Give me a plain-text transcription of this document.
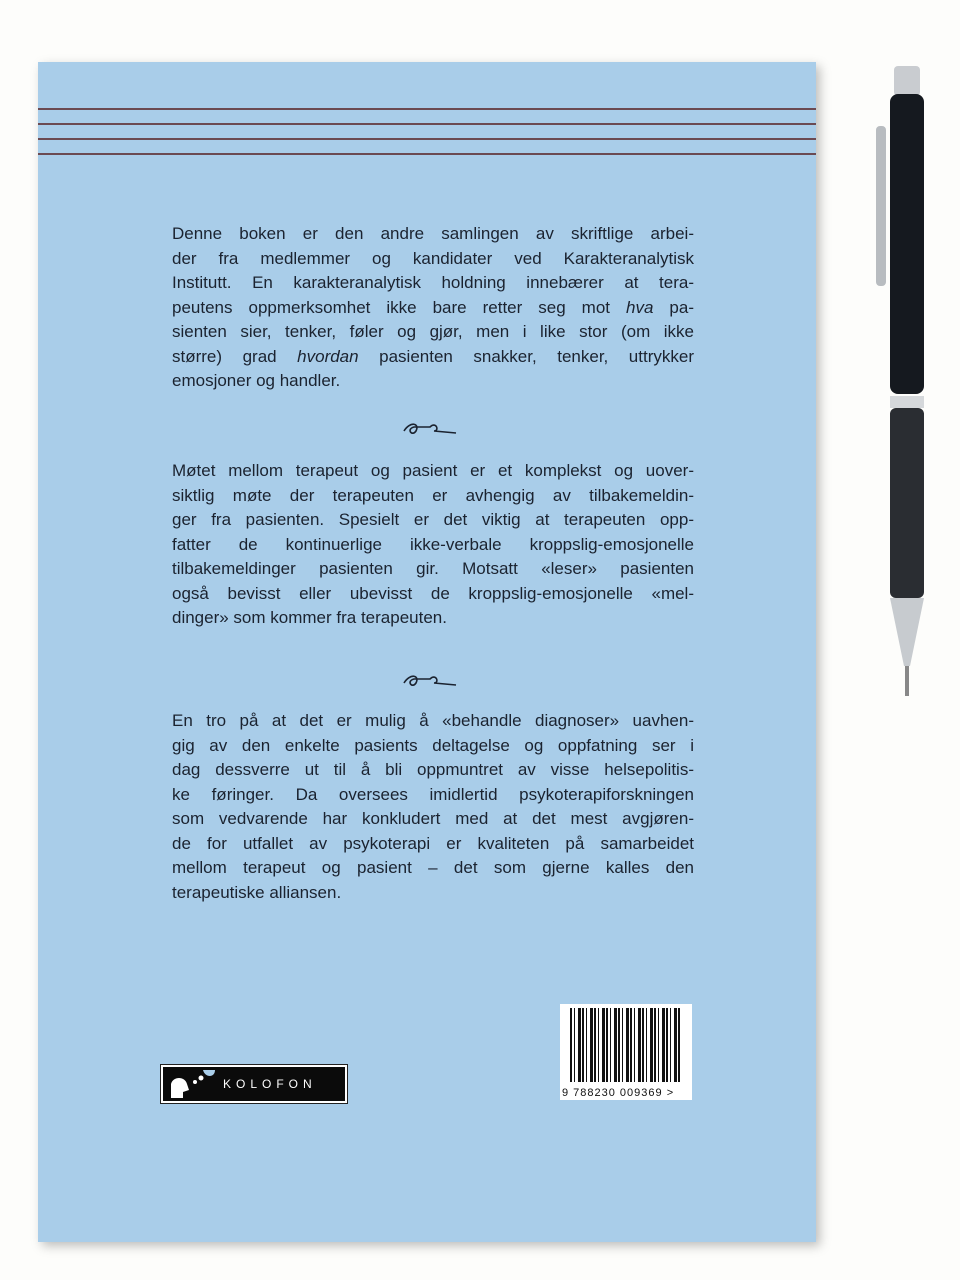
Denne boken er den andre samlingen av skriftlige arbei-
der fra medlemmer og kandidater ved Karakteranalytisk
Institutt. En karakteranalytisk holdning innebærer at tera-
peutens oppmerksomhet ikke bare retter seg mot hva pa-
sienten sier, tenker, føler og gjør, men i like stor (om ikke
større) grad hvordan pasienten snakker, tenker, uttrykker
emosjoner og handler.
Møtet mellom terapeut og pasient er et komplekst og uover-
siktlig møte der terapeuten er avhengig av tilbakemeldin-
ger fra pasienten. Spesielt er det viktig at terapeuten opp-
fatter de kontinuerlige ikke-verbale kroppslig-emosjonelle
tilbakemeldinger pasienten gir. Motsatt «leser» pasienten
også bevisst eller ubevisst de kroppslig-emosjonelle «mel-
dinger» som kommer fra terapeuten.
En tro på at det er mulig å «behandle diagnoser» uavhen-
gig av den enkelte pasients deltagelse og oppfatning ser i
dag dessverre ut til å bli oppmuntret av visse helsepolitis-
ke føringer. Da oversees imidlertid psykoterapiforskningen
som vedvarende har konkludert med at det mest avgjøren-
de for utfallet av psykoterapi er kvaliteten på samarbeidet
mellom terapeut og pasient – det som gjerne kalles den
terapeutiske alliansen.
KOLOFON
9 788230 009369 >
